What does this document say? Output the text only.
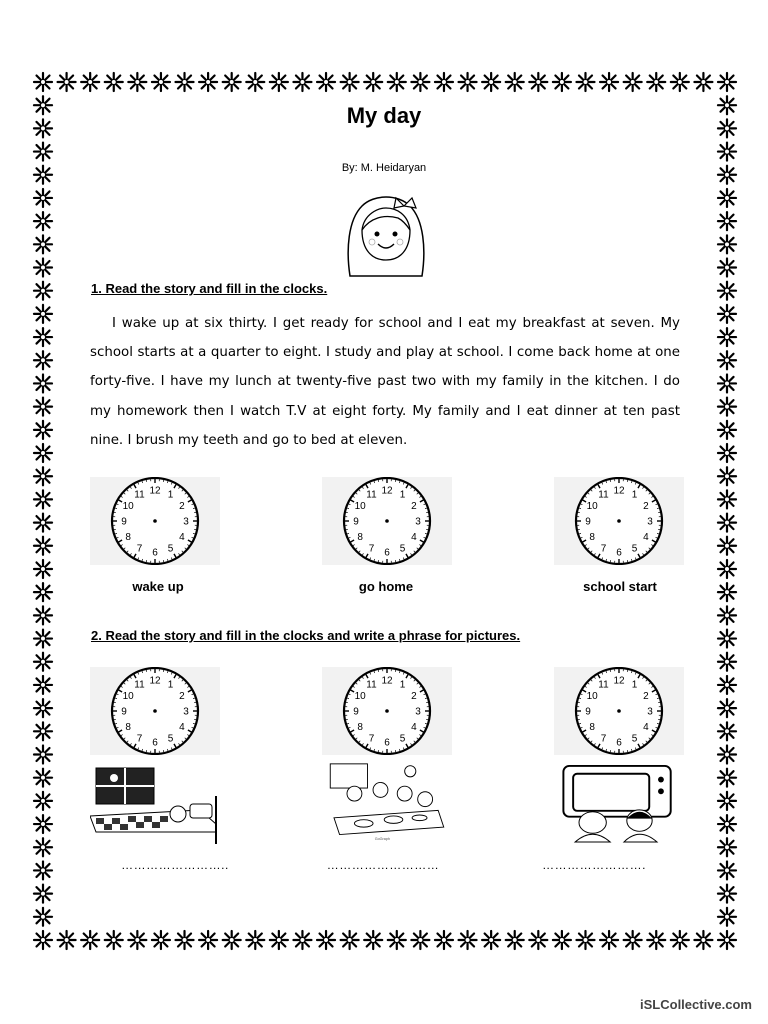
My day
By: M. Heidaryan
1. Read the story and fill in the clocks.
I wake up at six thirty. I get ready for school and I eat my breakfast at seven. My school starts at a quarter to eight. I study and play at school. I come back home at one forty-five. I have my lunch at twenty-five past two with my family in the kitchen. I do my homework then I watch T.V at eight forty. My family and I eat dinner at ten past nine. I brush my teeth and go to bed at eleven.
12 1
2
3
4
5
6
7
8
9
10
11	12 1
2
3
4
5
6
7
8
9
10
11	12 1
2
3
4
5
6
7
8
9
10
11
wake up	go home	school start
2. Read the story and fill in the clocks and write a phrase for pictures.
12 1
2
3
4
5
6
7
8
9
10
11	12 1
2
3
4
5
6
7
8
9
10
11	12 1
2
3
4
5
6
7
8
9
10
11
GoGraph
……………………..	………………………	…………………….
iSLCollective.com
